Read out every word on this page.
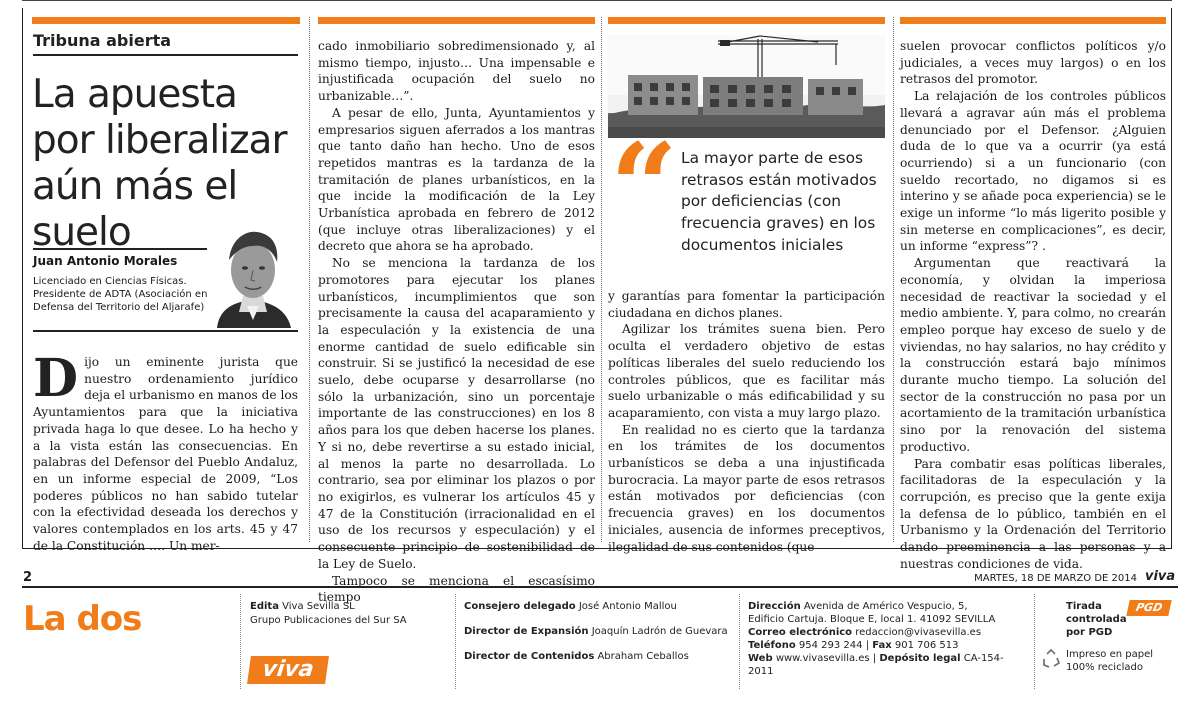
Tribuna abierta
La apuesta por liberalizar aún más el suelo
Juan Antonio Morales
Licenciado en Ciencias Físicas. Presidente de ADTA (Asociación en Defensa del Territorio del Aljarafe)
Dijo un eminente jurista que nuestro ordenamiento jurídico deja el urbanismo en manos de los Ayuntamientos para que la iniciativa privada haga lo que desee. Lo ha hecho y a la vista están las consecuencias. En palabras del Defensor del Pueblo Andaluz, en un informe especial de 2009, “Los poderes públicos no han sabido tutelar con la efectividad deseada los derechos y valores contemplados en los arts. 45 y 47 de la Constitución …. Un mer-

cado inmobiliario sobredimensionado y, al mismo tiempo, injusto… Una impensable e injustificada ocupación del suelo no urbanizable…”.

A pesar de ello, Junta, Ayuntamientos y empresarios siguen aferrados a los mantras que tanto daño han hecho. Uno de esos repetidos mantras es la tardanza de la tramitación de planes urbanísticos, en la que incide la modificación de la Ley Urbanística aprobada en febrero de 2012 (que incluye otras liberalizaciones) y el decreto que ahora se ha aprobado.

No se menciona la tardanza de los promotores para ejecutar los planes urbanísticos, incumplimientos que son precisamente la causa del acaparamiento y la especulación y la existencia de una enorme cantidad de suelo edificable sin construir. Si se justificó la necesidad de ese suelo, debe ocuparse y desarrollarse (no sólo la urbanización, sino un porcentaje importante de las construcciones) en los 8 años para los que deben hacerse los planes. Y si no, debe revertirse a su estado inicial, al menos la parte no desarrollada. Lo contrario, sea por eliminar los plazos o por no exigirlos, es vulnerar los artículos 45 y 47 de la Constitución (irracionalidad en el uso de los recursos y especulación) y el consecuente principio de sostenibilidad de la Ley de Suelo.

Tampoco se menciona el escasísimo tiempo

“ La mayor parte de esos retrasos están motivados por deficiencias (con frecuencia graves) en los documentos iniciales

y garantías para fomentar la participación ciudadana en dichos planes.

Agilizar los trámites suena bien. Pero oculta el verdadero objetivo de estas políticas liberales del suelo reduciendo los controles públicos, que es facilitar más suelo urbanizable o más edificabilidad y su acaparamiento, con vista a muy largo plazo.

En realidad no es cierto que la tardanza en los trámites de los documentos urbanísticos se deba a una injustificada burocracia. La mayor parte de esos retrasos están motivados por deficiencias (con frecuencia graves) en los documentos iniciales, ausencia de informes preceptivos, ilegalidad de sus contenidos (que

suelen provocar conflictos políticos y/o judiciales, a veces muy largos) o en los retrasos del promotor.

La relajación de los controles públicos llevará a agravar aún más el problema denunciado por el Defensor. ¿Alguien duda de lo que va a ocurrir (ya está ocurriendo) si a un funcionario (con sueldo recortado, no digamos si es interino y se añade poca experiencia) se le exige un informe “lo más ligerito posible y sin meterse en complicaciones”, es decir, un informe “express”? .

Argumentan que reactivará la economía, y olvidan la imperiosa necesidad de reactivar la sociedad y el medio ambiente. Y, para colmo, no crearán empleo porque hay exceso de suelo y de viviendas, no hay salarios, no hay crédito y la construcción estará bajo mínimos durante mucho tiempo. La solución del sector de la construcción no pasa por un acortamiento de la tramitación urbanística sino por la renovación del sistema productivo.

Para combatir esas políticas liberales, facilitadoras de la especulación y la corrupción, es preciso que la gente exija la defensa de lo público, también en el Urbanismo y la Ordenación del Territorio dando preeminencia a las personas y a nuestras condiciones de vida.

2	MARTES, 18 DE MARZO DE 2014 viva
La dos	Edita Viva Sevilla SL
Grupo Publicaciones del Sur SA
viva
Consejero delegado José Antonio Mallou
Director de Expansión Joaquín Ladrón de Guevara
Director de Contenidos Abraham Ceballos
Dirección Avenida de Américo Vespucio, 5,
Edificio Cartuja. Bloque E, local 1. 41092 SEVILLA
Correo electrónico redaccion@vivasevilla.es
Teléfono 954 293 244 | Fax 901 706 513
Web www.vivasevilla.es | Depósito legal CA-154-2011
Tirada controlada por PGD
PGD
Impreso en papel 100% reciclado
